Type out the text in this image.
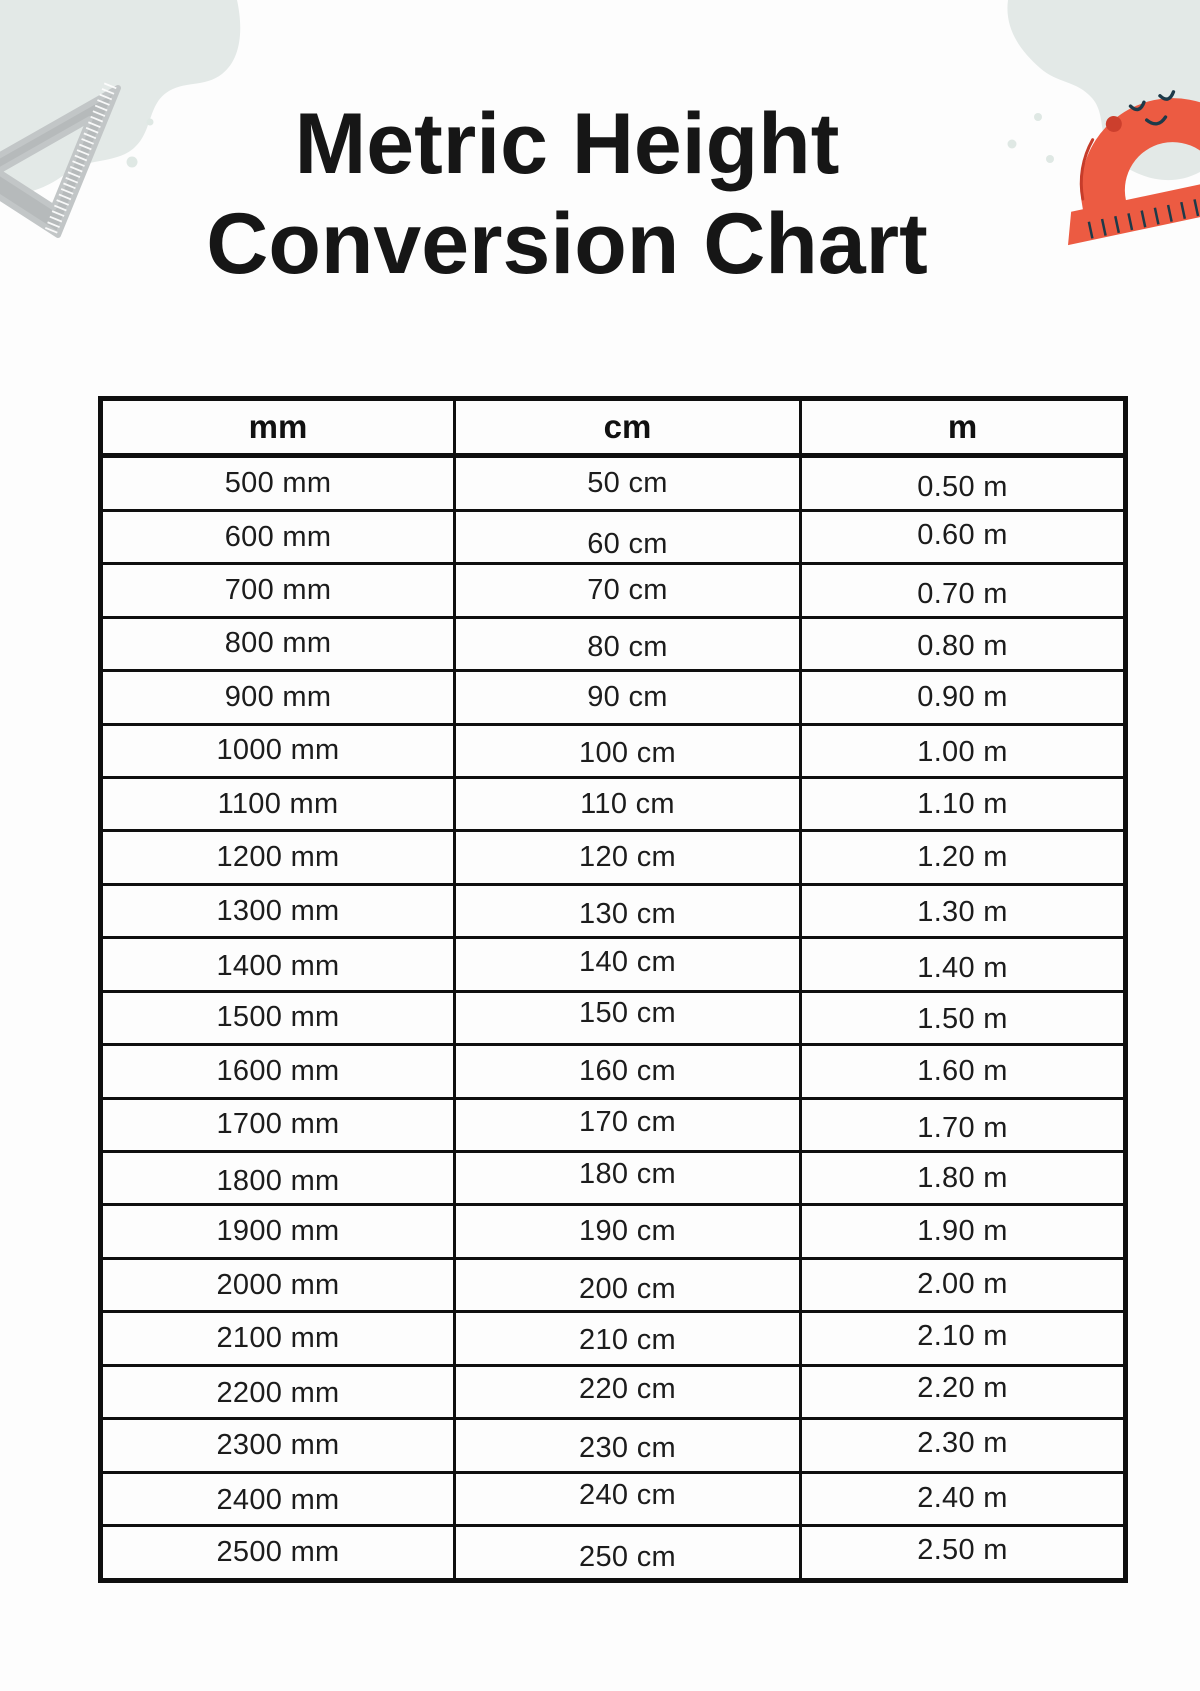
Metric Height
Conversion Chart
mm	cm	m
500 mm	50 cm	0.50 m
600 mm	60 cm	0.60 m
700 mm	70 cm	0.70 m
800 mm	80 cm	0.80 m
900 mm	90 cm	0.90 m
1000 mm	100 cm	1.00 m
1100 mm	110 cm	1.10 m
1200 mm	120 cm	1.20 m
1300 mm	130 cm	1.30 m
1400 mm	140 cm	1.40 m
1500 mm	150 cm	1.50 m
1600 mm	160 cm	1.60 m
1700 mm	170 cm	1.70 m
1800 mm	180 cm	1.80 m
1900 mm	190 cm	1.90 m
2000 mm	200 cm	2.00 m
2100 mm	210 cm	2.10 m
2200 mm	220 cm	2.20 m
2300 mm	230 cm	2.30 m
2400 mm	240 cm	2.40 m
2500 mm	250 cm	2.50 m
